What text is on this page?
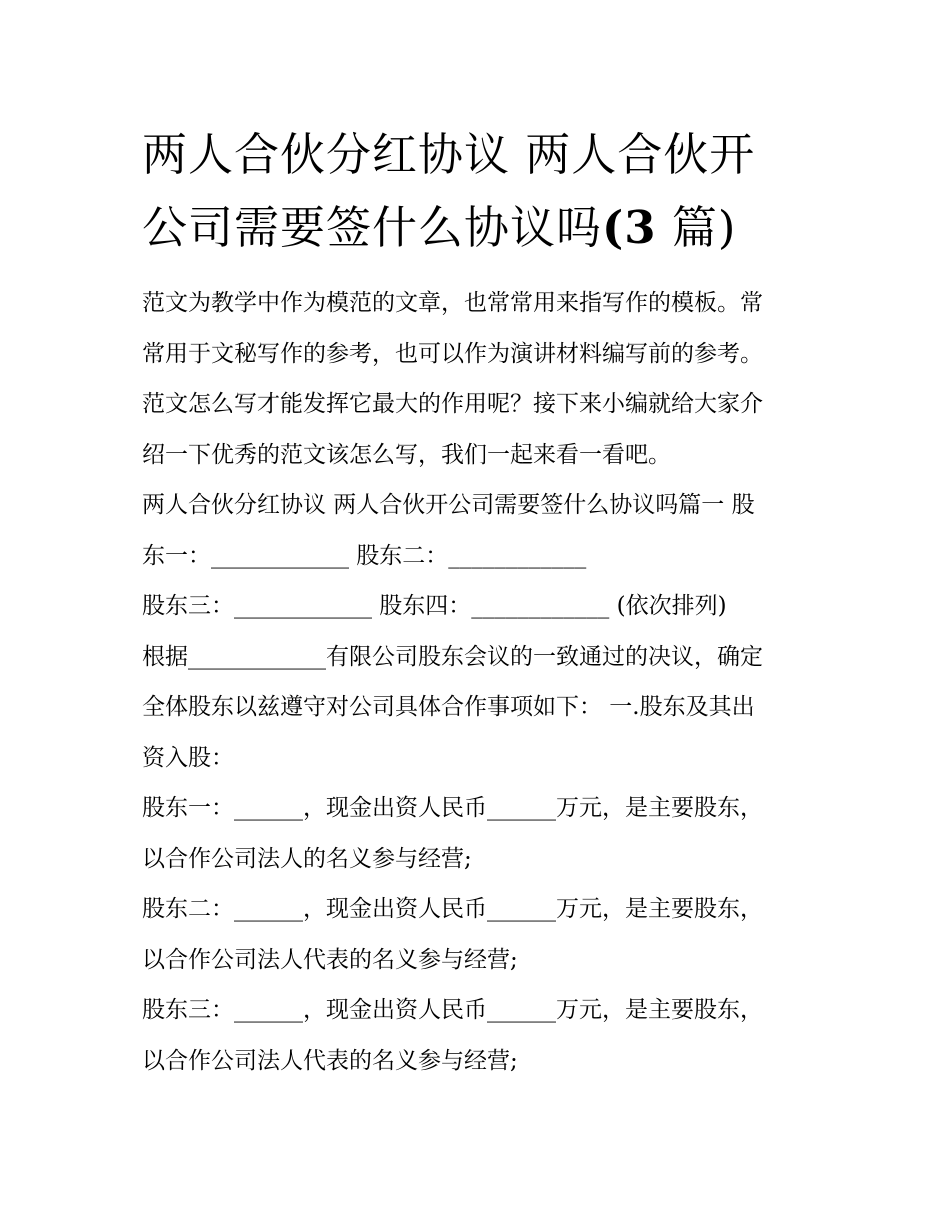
两人合伙分红协议 两人合伙开
公司需要签什么协议吗(3 篇)

范文为教学中作为模范的文章，也常常用来指写作的模板。常

常用于文秘写作的参考，也可以作为演讲材料编写前的参考。

范文怎么写才能发挥它最大的作用呢？接下来小编就给大家介

绍一下优秀的范文该怎么写，我们一起来看一看吧。

两人合伙分红协议 两人合伙开公司需要签什么协议吗篇一 股

东一：____________ 股东二：____________

股东三：____________ 股东四：____________ (依次排列)

根据____________有限公司股东会议的一致通过的决议，确定

全体股东以兹遵守对公司具体合作事项如下： 一.股东及其出

资入股：

股东一：______，现金出资人民币______万元，是主要股东，

以合作公司法人的名义参与经营;

股东二：______，现金出资人民币______万元，是主要股东，

以合作公司法人代表的名义参与经营;

股东三：______，现金出资人民币______万元，是主要股东，

以合作公司法人代表的名义参与经营;
